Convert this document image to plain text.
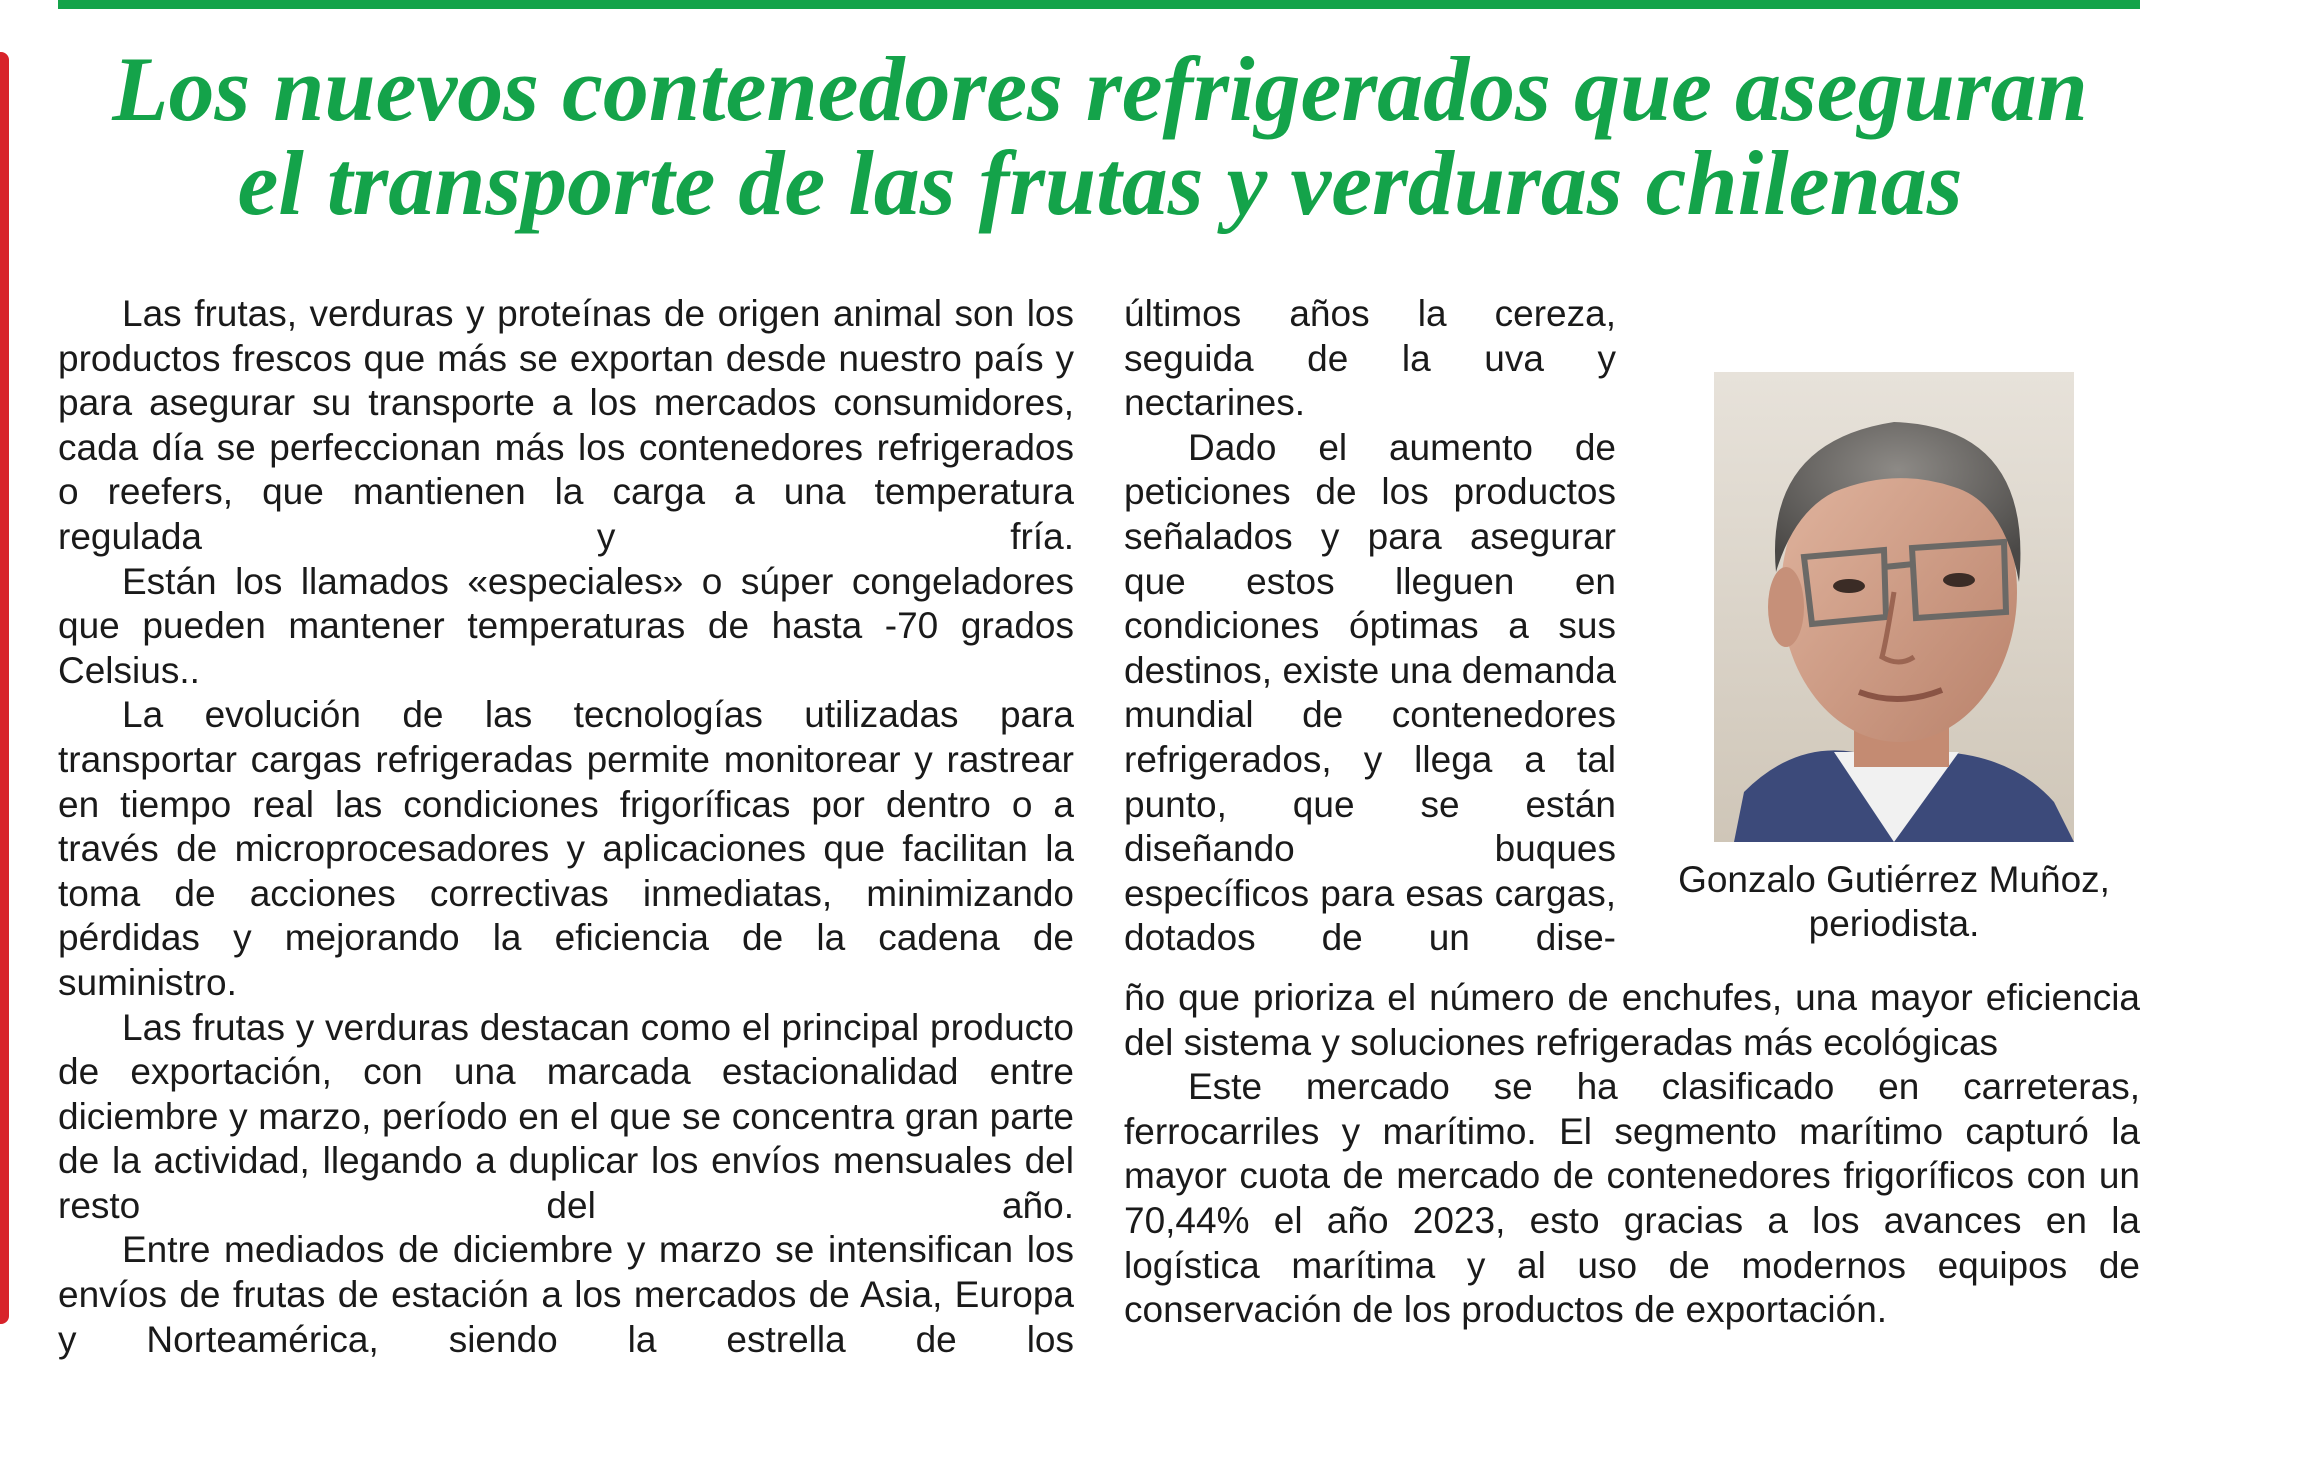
Los nuevos contenedores refrigerados que aseguran
el transporte de las frutas y verduras chilenas

Las frutas, verduras y proteínas de origen animal son los productos frescos que más se exportan desde nuestro país y para asegurar su transporte a los mercados consumidores, cada día se perfeccionan más los contenedores refrigerados o reefers, que mantienen la carga a una temperatura regulada y fría.

Están los llamados «especiales» o súper congeladores que pueden mantener temperaturas de hasta -70 grados Celsius..

La evolución de las tecnologías utilizadas para transportar cargas refrigeradas permite monitorear y rastrear en tiempo real las condiciones frigoríficas por dentro o a través de microprocesadores y aplicaciones que facilitan la toma de acciones correctivas inmediatas, minimizando pérdidas y mejorando la eficiencia de la cadena de suministro.

Las frutas y verduras destacan como el principal producto de exportación, con una marcada estacionalidad entre diciembre y marzo, período en el que se concentra gran parte de la actividad, llegando a duplicar los envíos mensuales del resto del año.

Entre mediados de diciembre y marzo se intensifican los envíos de frutas de estación a los mercados de Asia, Europa y Norteamérica, siendo la estrella de los

últimos años la cereza, seguida de la uva y nectarines.

Dado el aumento de peticiones de los productos señalados y para asegurar que estos lleguen en condiciones óptimas a sus destinos, existe una demanda mundial de contenedores refrigerados, y llega a tal punto, que se están diseñando buques específicos para esas cargas, dotados de un dise-

Gonzalo Gutiérrez Muñoz,
periodista.

ño que prioriza el número de enchufes, una mayor eficiencia del sistema y soluciones refrigeradas más ecológicas

Este mercado se ha clasificado en carreteras, ferrocarriles y marítimo. El segmento marítimo capturó la mayor cuota de mercado de contenedores frigoríficos con un 70,44% el año 2023, esto gracias a los avances en la logística marítima y al uso de modernos equipos de conservación de los productos de exportación.
